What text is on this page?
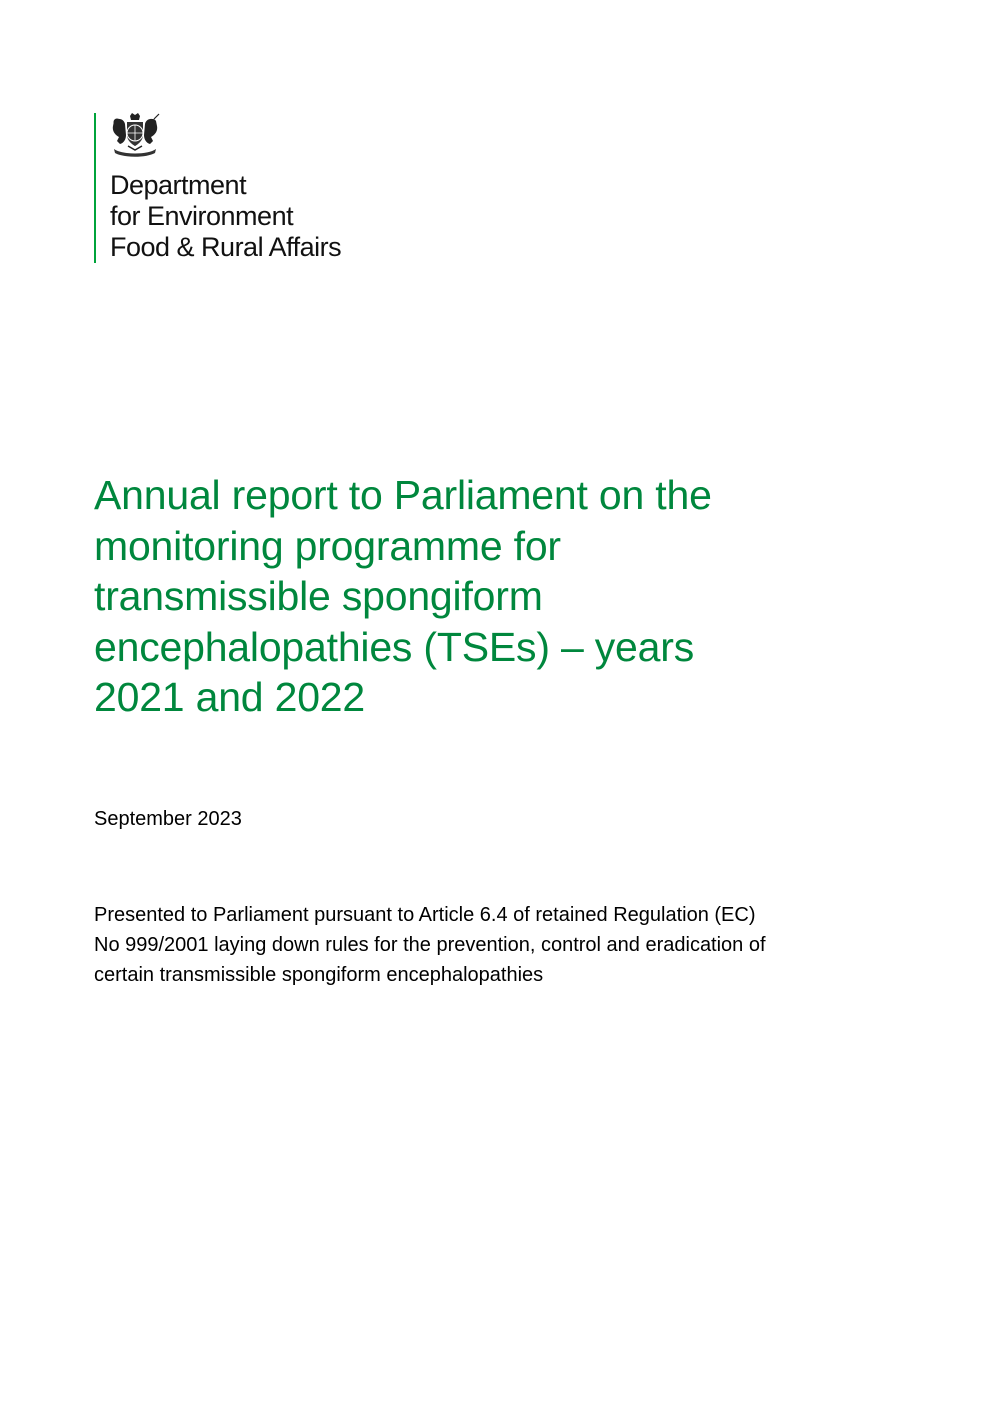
Department
for Environment
Food & Rural Affairs
Annual report to Parliament on the
monitoring programme for
transmissible spongiform
encephalopathies (TSEs) – years
2021 and 2022

September 2023

Presented to Parliament pursuant to Article 6.4 of retained Regulation (EC)
No 999/2001 laying down rules for the prevention, control and eradication of
certain transmissible spongiform encephalopathies
